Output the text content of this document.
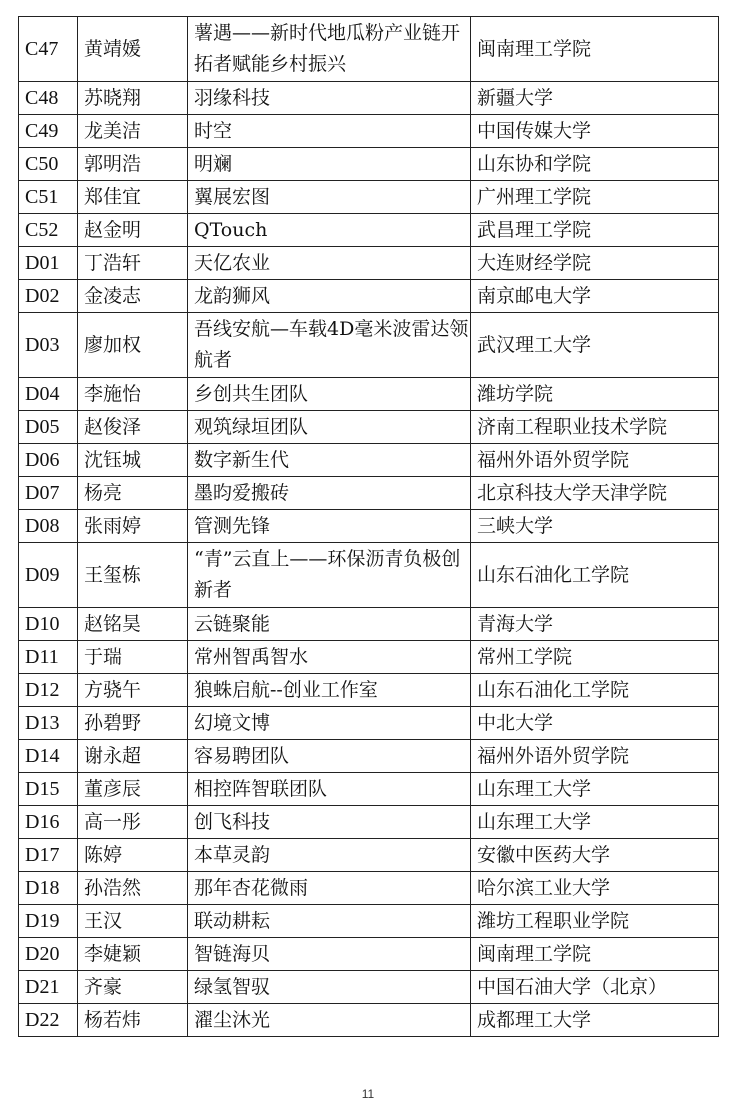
C47	黄靖媛	薯遇——新时代地瓜粉产业链开拓者赋能乡村振兴	闽南理工学院
C48	苏晓翔	羽缘科技	新疆大学
C49	龙美洁	时空	中国传媒大学
C50	郭明浩	明斓	山东协和学院
C51	郑佳宜	翼展宏图	广州理工学院
C52	赵金明	QTouch	武昌理工学院
D01	丁浩轩	天亿农业	大连财经学院
D02	金凌志	龙韵狮风	南京邮电大学
D03	廖加权	吾线安航—车载4D毫米波雷达领航者	武汉理工大学
D04	李施怡	乡创共生团队	潍坊学院
D05	赵俊泽	观筑绿垣团队	济南工程职业技术学院
D06	沈钰城	数字新生代	福州外语外贸学院
D07	杨亮	墨昀爱搬砖	北京科技大学天津学院
D08	张雨婷	管测先锋	三峡大学
D09	王玺栋	“青”云直上——环保沥青负极创新者	山东石油化工学院
D10	赵铭昊	云链聚能	青海大学
D11	于瑞	常州智禹智水	常州工学院
D12	方骁午	狼蛛启航--创业工作室	山东石油化工学院
D13	孙碧野	幻境文博	中北大学
D14	谢永超	容易聘团队	福州外语外贸学院
D15	董彦辰	相控阵智联团队	山东理工大学
D16	高一彤	创飞科技	山东理工大学
D17	陈婷	本草灵韵	安徽中医药大学
D18	孙浩然	那年杏花微雨	哈尔滨工业大学
D19	王汉	联动耕耘	潍坊工程职业学院
D20	李婕颖	智链海贝	闽南理工学院
D21	齐豪	绿氢智驭	中国石油大学（北京）
D22	杨若炜	濯尘沐光	成都理工大学
11
